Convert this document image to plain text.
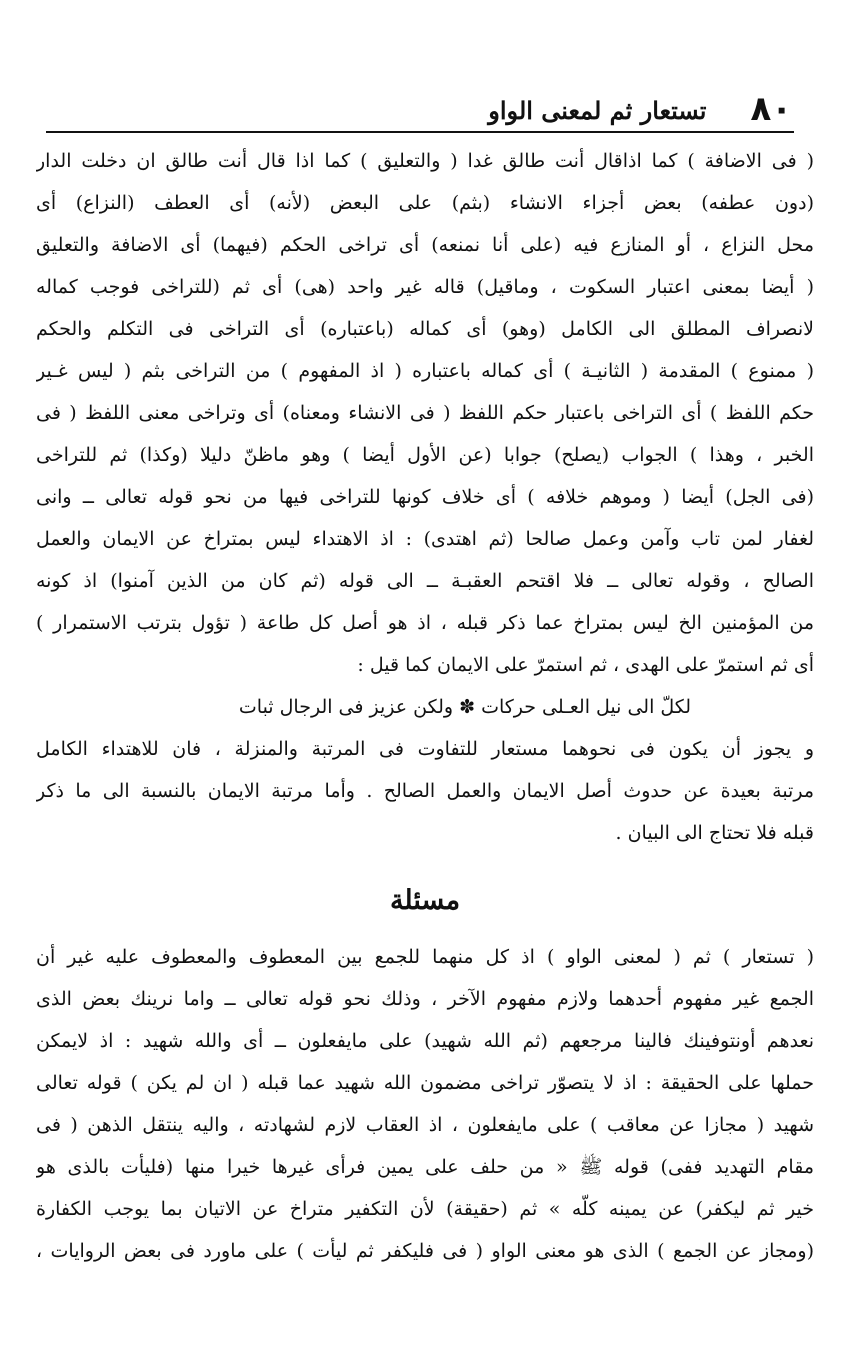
٨٠
تستعار ثم لمعنى الواو
( فى الاضافة ) كما اذاقال أنت طالق غدا ( والتعليق ) كما اذا قال أنت طالق ان دخلت الدار
(دون عطفه) بعض أجزاء الانشاء (بثم) على البعض (لأنه) أى العطف (النزاع) أى
محل النزاع ، أو المنازع فيه (على أنا نمنعه) أى تراخى الحكم (فيهما) أى الاضافة والتعليق
( أيضا بمعنى اعتبار السكوت ، وماقيل) قاله غير واحد (هى) أى ثم (للتراخى فوجب كماله
لانصراف المطلق الى الكامل (وهو) أى كماله (باعتباره) أى التراخى فى التكلم والحكم
( ممنوع ) المقدمة ( الثانيـة ) أى كماله باعتباره ( اذ المفهوم ) من التراخى بثم ( ليس غـير
حكم اللفظ ) أى التراخى باعتبار حكم اللفظ ( فى الانشاء ومعناه) أى وتراخى معنى اللفظ ( فى
الخبر ، وهذا ) الجواب (يصلح) جوابا (عن الأول أيضا ) وهو ماظنّ دليلا (وكذا) ثم للتراخى
(فى الجل) أيضا ( وموهم خلافه ) أى خلاف كونها للتراخى فيها من نحو قوله تعالى ــ وانى
لغفار لمن تاب وآمن وعمل صالحا (ثم اهتدى) : اذ الاهتداء ليس بمتراخ عن الايمان والعمل
الصالح ، وقوله تعالى ــ فلا اقتحم العقبـة ــ الى قوله (ثم كان من الذين آمنوا) اذ كونه
من المؤمنين الخ ليس بمتراخ عما ذكر قبله ، اذ هو أصل كل طاعة ( تؤول بترتب الاستمرار )
أى ثم استمرّ على الهدى ، ثم استمرّ على الايمان كما قيل :
لكلّ الى نيل العـلى حركات ✽ ولكن عزيز فى الرجال ثبات
و يجوز أن يكون فى نحوهما مستعار للتفاوت فى المرتبة والمنزلة ، فان للاهتداء الكامل
مرتبة بعيدة عن حدوث أصل الايمان والعمل الصالح . وأما مرتبة الايمان بالنسبة الى ما ذكر
قبله فلا تحتاج الى البيان .
مسئلة
( تستعار ) ثم ( لمعنى الواو ) اذ كل منهما للجمع بين المعطوف والمعطوف عليه غير أن
الجمع غير مفهوم أحدهما ولازم مفهوم الآخر ، وذلك نحو قوله تعالى ــ واما نرينك بعض الذى
نعدهم أونتوفينك فالينا مرجعهم (ثم الله شهيد) على مايفعلون ــ أى والله شهيد : اذ لايمكن
حملها على الحقيقة : اذ لا يتصوّر تراخى مضمون الله شهيد عما قبله ( ان لم يكن ) قوله تعالى
شهيد ( مجازا عن معاقب ) على مايفعلون ، اذ العقاب لازم لشهادته ، واليه ينتقل الذهن ( فى
مقام التهديد ففى) قوله ﷺ « من حلف على يمين فرأى غيرها خيرا منها (فليأت بالذى هو
خير ثم ليكفر) عن يمينه كلّه » ثم (حقيقة) لأن التكفير متراخ عن الاتيان بما يوجب الكفارة
(ومجاز عن الجمع ) الذى هو معنى الواو ( فى فليكفر ثم ليأت ) على ماورد فى بعض الروايات ،
